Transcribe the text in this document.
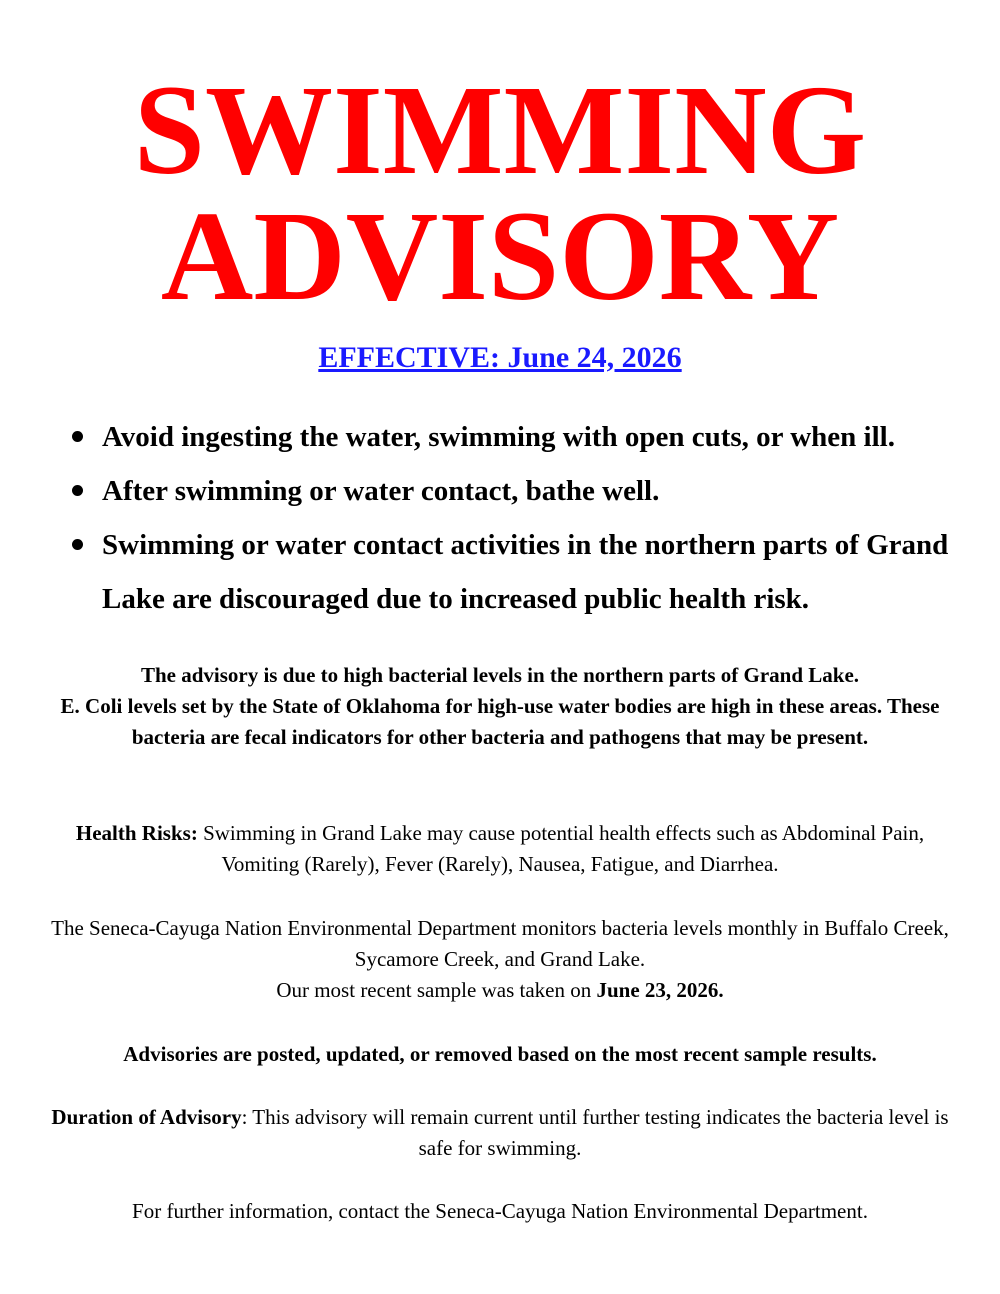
SWIMMING
ADVISORY
EFFECTIVE: June 24, 2026
Avoid ingesting the water, swimming with open cuts, or when ill.
After swimming or water contact, bathe well.
Swimming or water contact activities in the northern parts of Grand Lake are discouraged due to increased public health risk.

The advisory is due to high bacterial levels in the northern parts of Grand Lake.
E. Coli levels set by the State of Oklahoma for high-use water bodies are high in these areas. These bacteria are fecal indicators for other bacteria and pathogens that may be present.

Health Risks: Swimming in Grand Lake may cause potential health effects such as Abdominal Pain, Vomiting (Rarely), Fever (Rarely), Nausea, Fatigue, and Diarrhea.

The Seneca-Cayuga Nation Environmental Department monitors bacteria levels monthly in Buffalo Creek, Sycamore Creek, and Grand Lake.
Our most recent sample was taken on June 23, 2026.

Advisories are posted, updated, or removed based on the most recent sample results.

Duration of Advisory: This advisory will remain current until further testing indicates the bacteria level is safe for swimming.

For further information, contact the Seneca-Cayuga Nation Environmental Department.
